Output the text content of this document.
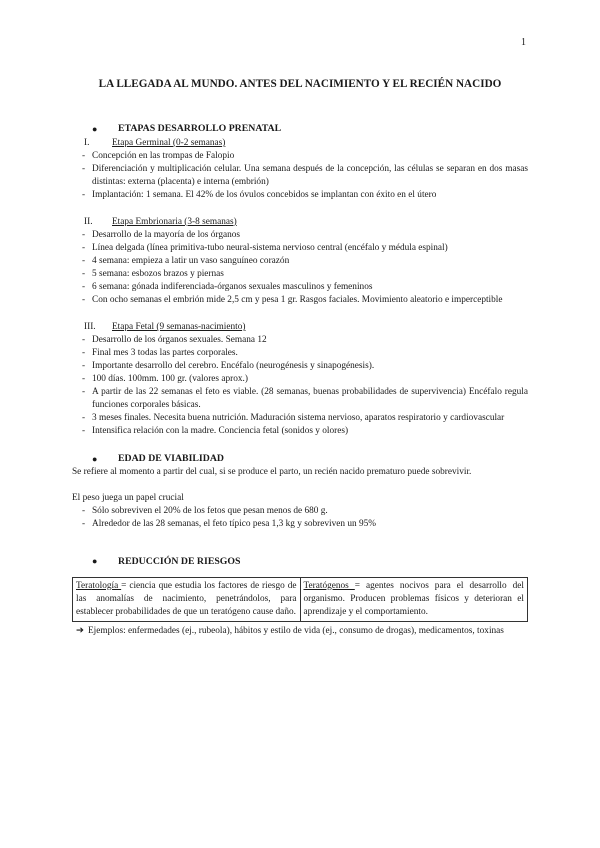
1
LA LLEGADA AL MUNDO. ANTES DEL NACIMIENTO Y EL RECIÉN NACIDO
●	ETAPAS DESARROLLO PRENATAL
I.	Etapa Germinal (0-2 semanas)
- Concepción en las trompas de Falopio
- Diferenciación y multiplicación celular. Una semana después de la concepción, las células se separan en dos masas distintas: externa (placenta) e interna (embrión)
- Implantación: 1 semana. El 42% de los óvulos concebidos se implantan con éxito en el útero
II.	Etapa Embrionaria (3-8 semanas)
- Desarrollo de la mayoría de los órganos
- Línea delgada (línea primitiva-tubo neural-sistema nervioso central (encéfalo y médula espinal)
- 4 semana: empieza a latir un vaso sanguíneo corazón
- 5 semana: esbozos brazos y piernas
- 6 semana: gónada indiferenciada-órganos sexuales masculinos y femeninos
- Con ocho semanas el embrión mide 2,5 cm y pesa 1 gr. Rasgos faciales. Movimiento aleatorio e imperceptible
III.	Etapa Fetal (9 semanas-nacimiento)
- Desarrollo de los órganos sexuales. Semana 12
- Final mes 3 todas las partes corporales.
- Importante desarrollo del cerebro. Encéfalo (neurogénesis y sinapogénesis).
- 100 días. 100mm. 100 gr. (valores aprox.)
- A partir de las 22 semanas el feto es viable. (28 semanas, buenas probabilidades de supervivencia) Encéfalo regula funciones corporales básicas.
- 3 meses finales. Necesita buena nutrición. Maduración sistema nervioso, aparatos respiratorio y cardiovascular
- Intensifica relación con la madre. Conciencia fetal (sonidos y olores)
●	EDAD DE VIABILIDAD

Se refiere al momento a partir del cual, si se produce el parto, un recién nacido prematuro puede sobrevivir.

El peso juega un papel crucial

- Sólo sobreviven el 20% de los fetos que pesan menos de 680 g.
- Alrededor de las 28 semanas, el feto típico pesa 1,3 kg y sobreviven un 95%
●	REDUCCIÓN DE RIESGOS
Teratología = ciencia que estudia los factores de riesgo de las anomalías de nacimiento, penetrándolos, para establecer probabilidades de que un teratógeno cause daño.	Teratógenos = agentes nocivos para el desarrollo del organismo. Producen problemas físicos y deterioran el aprendizaje y el comportamiento.
➔ Ejemplos: enfermedades (ej., rubeola), hábitos y estilo de vida (ej., consumo de drogas), medicamentos, toxinas
